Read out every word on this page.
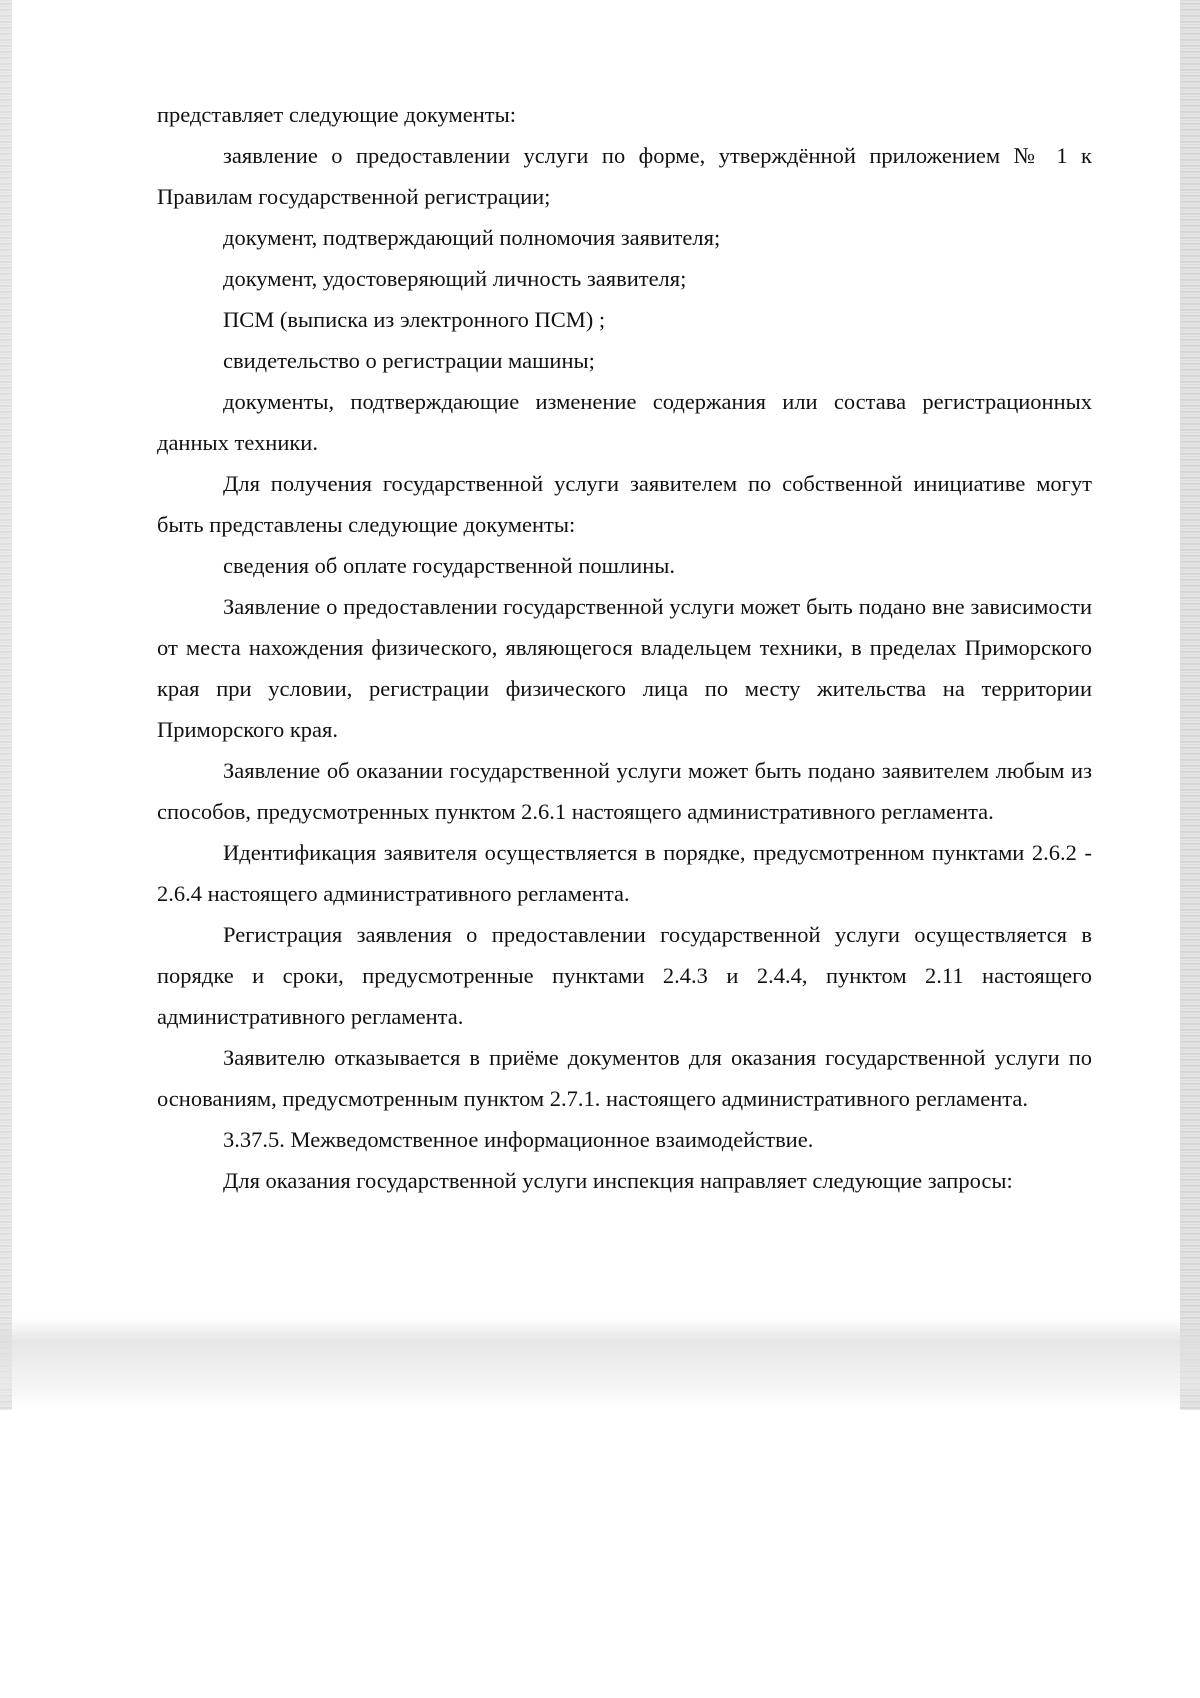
представляет следующие документы:

заявление о предоставлении услуги по форме, утверждённой приложением № 1 к Правилам государственной регистрации;

документ, подтверждающий полномочия заявителя;

документ, удостоверяющий личность заявителя;

ПСМ (выписка из электронного ПСМ) ;

свидетельство о регистрации машины;

документы, подтверждающие изменение содержания или состава регистрационных данных техники.

Для получения государственной услуги заявителем по собственной инициативе могут быть представлены следующие документы:

сведения об оплате государственной пошлины.

Заявление о предоставлении государственной услуги может быть подано вне зависимости от места нахождения физического, являющегося владельцем техники, в пределах Приморского края при условии, регистрации физического лица по месту жительства на территории Приморского края.

Заявление об оказании государственной услуги может быть подано заявителем любым из способов, предусмотренных пунктом 2.6.1 настоящего административного регламента.

Идентификация заявителя осуществляется в порядке, предусмотренном пунктами 2.6.2 - 2.6.4 настоящего административного регламента.

Регистрация заявления о предоставлении государственной услуги осуществляется в порядке и сроки, предусмотренные пунктами 2.4.3 и 2.4.4, пунктом 2.11 настоящего административного регламента.

Заявителю отказывается в приёме документов для оказания государственной услуги по основаниям, предусмотренным пунктом 2.7.1. настоящего административного регламента.

3.37.5. Межведомственное информационное взаимодействие.

Для оказания государственной услуги инспекция направляет следующие запросы:
